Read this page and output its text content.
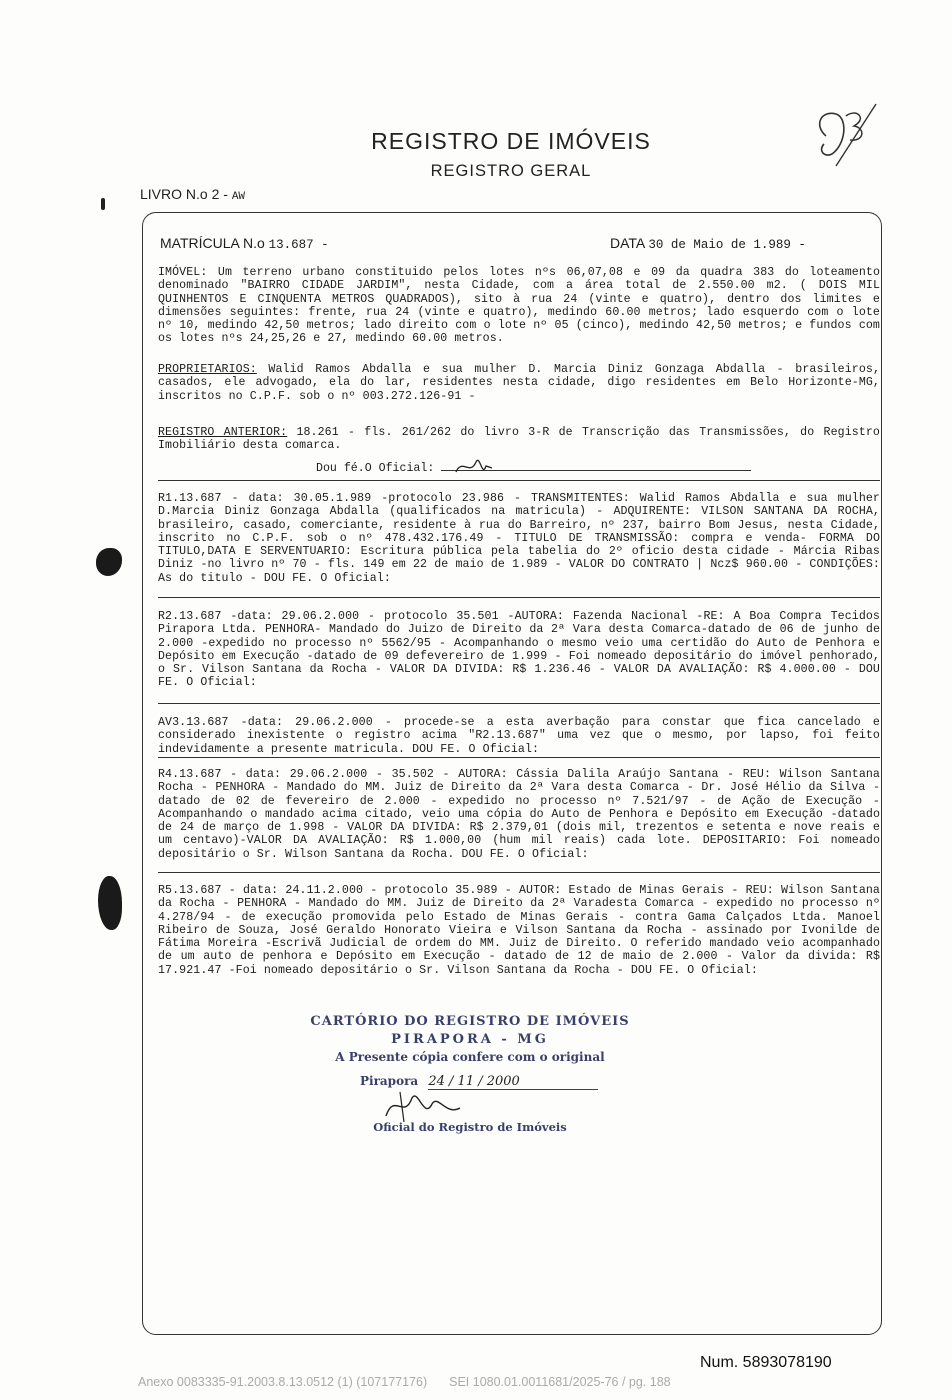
REGISTRO DE IMÓVEIS
REGISTRO GERAL
LIVRO N.o 2 - AW
MATRÍCULA N.o 13.687 -	DATA 30 de Maio de 1.989 -
IMÓVEL: Um terreno urbano constituido pelos lotes nºs 06,07,08 e 09 da quadra 383 do loteamento denominado "BAIRRO CIDADE JARDIM", nesta Cidade, com a área total de 2.550.00 m2. ( DOIS MIL QUINHENTOS E CINQUENTA METROS QUADRADOS), sito à rua 24 (vinte e quatro), dentro dos limites e dimensões seguintes: frente, rua 24 (vinte e quatro), medindo 60.00 metros; lado esquerdo com o lote nº 10, medindo 42,50 metros; lado direito com o lote nº 05 (cinco), medindo 42,50 metros; e fundos com os lotes nºs 24,25,26 e 27, medindo 60.00 metros.
PROPRIETARIOS: Walid Ramos Abdalla e sua mulher D. Marcia Diniz Gonzaga Abdalla - brasileiros, casados, ele advogado, ela do lar, residentes nesta cidade, digo residentes em Belo Horizonte-MG, inscritos no C.P.F. sob o nº 003.272.126-91 -
REGISTRO ANTERIOR: 18.261 - fls. 261/262 do livro 3-R de Transcrição das Transmissões, do Registro Imobiliário desta comarca.
Dou fé.O Oficial:
R1.13.687 - data: 30.05.1.989 -protocolo 23.986 - TRANSMITENTES: Walid Ramos Abdalla e sua mulher D.Marcia Diniz Gonzaga Abdalla (qualificados na matricula) - ADQUIRENTE: VILSON SANTANA DA ROCHA, brasileiro, casado, comerciante, residente à rua do Barreiro, nº 237, bairro Bom Jesus, nesta Cidade, inscrito no C.P.F. sob o nº 478.432.176.49 - TITULO DE TRANSMISSÃO: compra e venda- FORMA DO TITULO,DATA E SERVENTUARIO: Escritura pública pela tabelia do 2º oficio desta cidade - Márcia Ribas Diniz -no livro nº 70 - fls. 149 em 22 de maio de 1.989 - VALOR DO CONTRATO | Ncz$ 960.00 - CONDIÇÕES: As do titulo - DOU FE. O Oficial:
R2.13.687 -data: 29.06.2.000 - protocolo 35.501 -AUTORA: Fazenda Nacional -RE: A Boa Compra Tecidos Pirapora Ltda. PENHORA- Mandado do Juizo de Direito da 2ª Vara desta Comarca-datado de 06 de junho de 2.000 -expedido no processo nº 5562/95 - Acompanhando o mesmo veio uma certidão do Auto de Penhora e Depósito em Execução -datado de 09 defevereiro de 1.999 - Foi nomeado depositário do imóvel penhorado, o Sr. Vilson Santana da Rocha - VALOR DA DIVIDA: R$ 1.236.46 - VALOR DA AVALIAÇÃO: R$ 4.000.00 - DOU FE. O Oficial:
AV3.13.687 -data: 29.06.2.000 - procede-se a esta averbação para constar que fica cancelado e considerado inexistente o registro acima "R2.13.687" uma vez que o mesmo, por lapso, foi feito indevidamente a presente matricula. DOU FE. O Oficial:
R4.13.687 - data: 29.06.2.000 - 35.502 - AUTORA: Cássia Dalila Araújo Santana - REU: Wilson Santana Rocha - PENHORA - Mandado do MM. Juiz de Direito da 2ª Vara desta Comarca - Dr. José Hélio da Silva - datado de 02 de fevereiro de 2.000 - expedido no processo nº 7.521/97 - de Ação de Execução - Acompanhando o mandado acima citado, veio uma cópia do Auto de Penhora e Depósito em Execução -datado de 24 de março de 1.998 - VALOR DA DIVIDA: R$ 2.379,01 (dois mil, trezentos e setenta e nove reais e um centavo)-VALOR DA AVALIAÇÃO: R$ 1.000,00 (hum mil reais) cada lote. DEPOSITARIO: Foi nomeado depositário o Sr. Wilson Santana da Rocha. DOU FE. O Oficial:
R5.13.687 - data: 24.11.2.000 - protocolo 35.989 - AUTOR: Estado de Minas Gerais - REU: Wilson Santana da Rocha - PENHORA - Mandado do MM. Juiz de Direito da 2ª Varadesta Comarca - expedido no processo nº 4.278/94 - de execução promovida pelo Estado de Minas Gerais - contra Gama Calçados Ltda. Manoel Ribeiro de Souza, José Geraldo Honorato Vieira e Vilson Santana da Rocha - assinado por Ivonilde de Fátima Moreira -Escrivã Judicial de ordem do MM. Juiz de Direito. O referido mandado veio acompanhado de um auto de penhora e Depósito em Execução - datado de 12 de maio de 2.000 - Valor da divida: R$ 17.921.47 -Foi nomeado depositário o Sr. Vilson Santana da Rocha - DOU FE. O Oficial:
CARTÓRIO DO REGISTRO DE IMÓVEIS
PIRAPORA - MG
A Presente cópia confere com o original
Pirapora 24 / 11 / 2000
Oficial do Registro de Imóveis
Num. 5893078190
Anexo 0083335-91.2003.8.13.0512 (1) (107177176) SEI 1080.01.0011681/2025-76 / pg. 188
